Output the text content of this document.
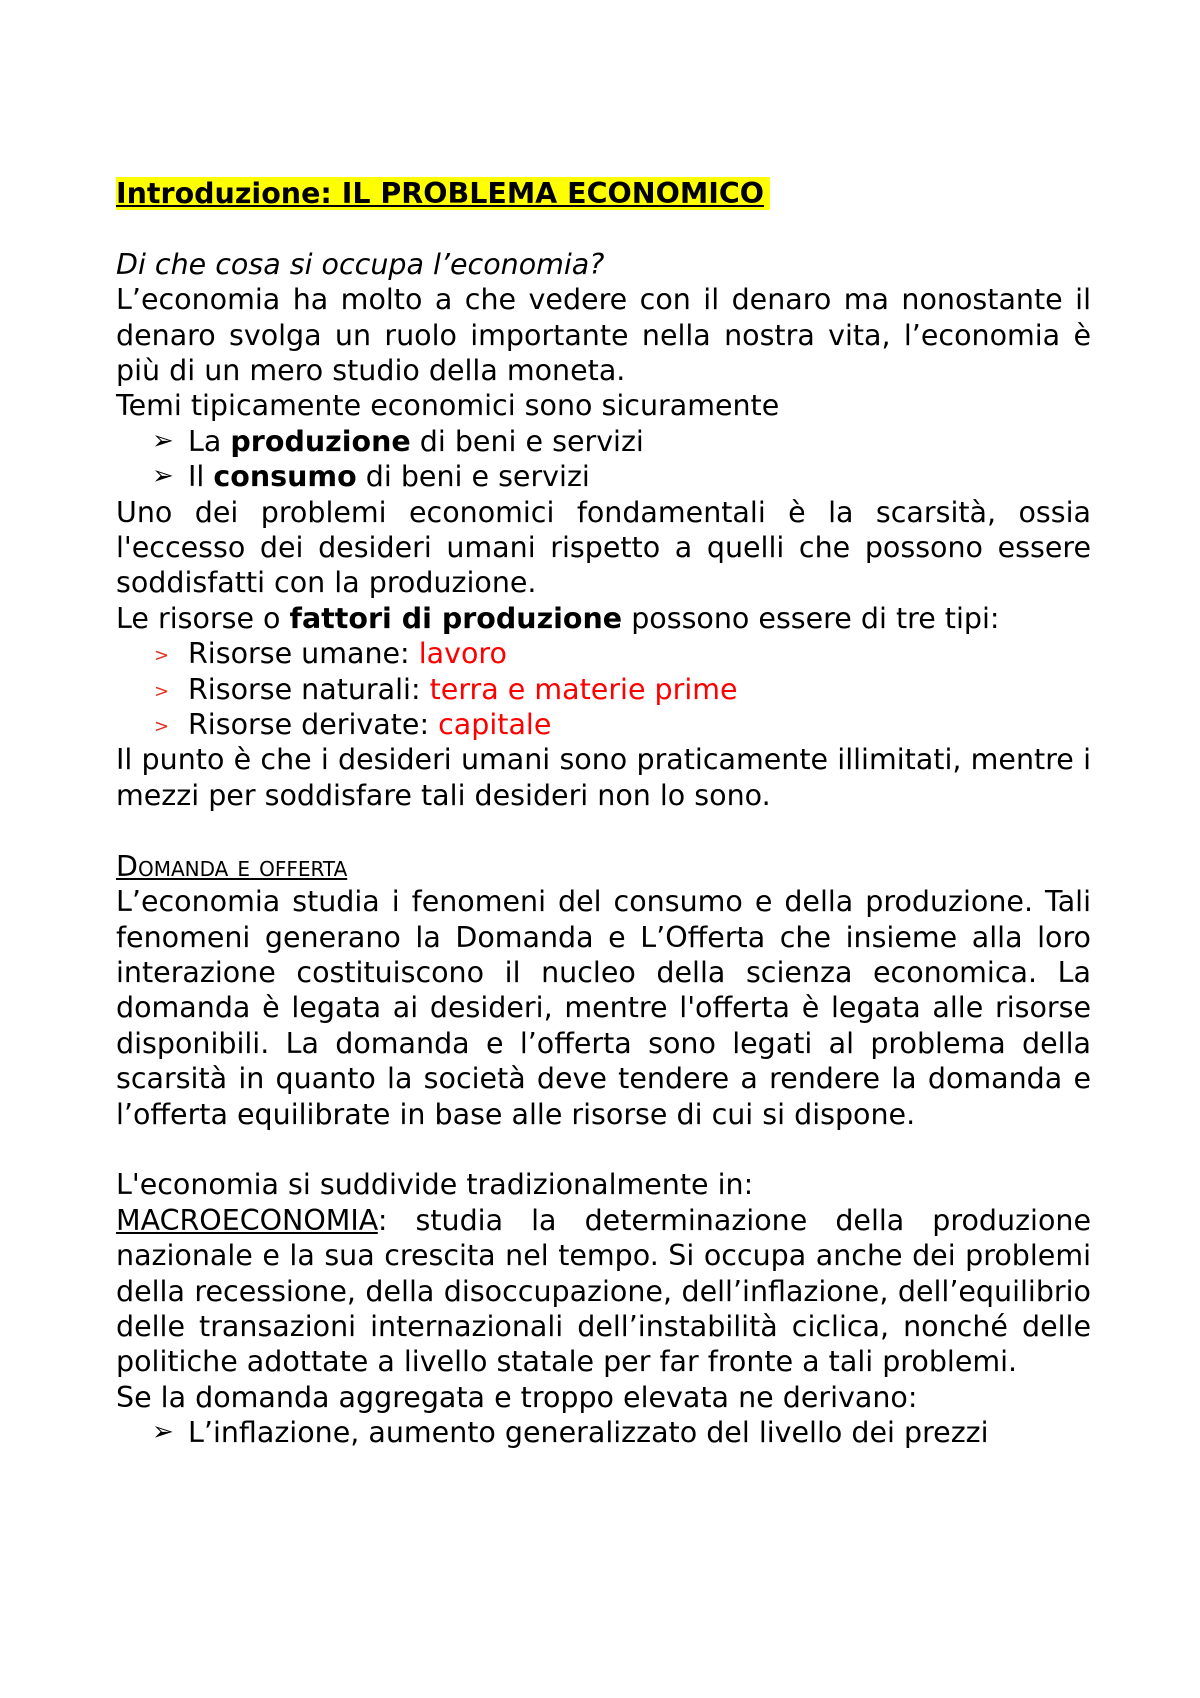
Introduzione: IL PROBLEMA ECONOMICO

Di che cosa si occupa l’economia?

L’economia ha molto a che vedere con il denaro ma nonostante il denaro svolga un ruolo importante nella nostra vita, l’economia è più di un mero studio della moneta.

Temi tipicamente economici sono sicuramente

➢ La produzione di beni e servizi
➢ Il consumo di beni e servizi

Uno dei problemi economici fondamentali è la scarsità, ossia l'eccesso dei desideri umani rispetto a quelli che possono essere soddisfatti con la produzione.

Le risorse o fattori di produzione possono essere di tre tipi:

> Risorse umane: lavoro
> Risorse naturali: terra e materie prime
> Risorse derivate: capitale

Il punto è che i desideri umani sono praticamente illimitati, mentre i mezzi per soddisfare tali desideri non lo sono.

Domanda e offerta

L’economia studia i fenomeni del consumo e della produzione. Tali fenomeni generano la Domanda e L’Offerta che insieme alla loro interazione costituiscono il nucleo della scienza economica. La domanda è legata ai desideri, mentre l'offerta è legata alle risorse disponibili. La domanda e l’offerta sono legati al problema della scarsità in quanto la società deve tendere a rendere la domanda e l’offerta equilibrate in base alle risorse di cui si dispone.

L'economia si suddivide tradizionalmente in:

MACROECONOMIA: studia la determinazione della produzione nazionale e la sua crescita nel tempo. Si occupa anche dei problemi della recessione, della disoccupazione, dell’inflazione, dell’equilibrio delle transazioni internazionali dell’instabilità ciclica, nonché delle politiche adottate a livello statale per far fronte a tali problemi.

Se la domanda aggregata e troppo elevata ne derivano:

➢ L’inflazione, aumento generalizzato del livello dei prezzi
